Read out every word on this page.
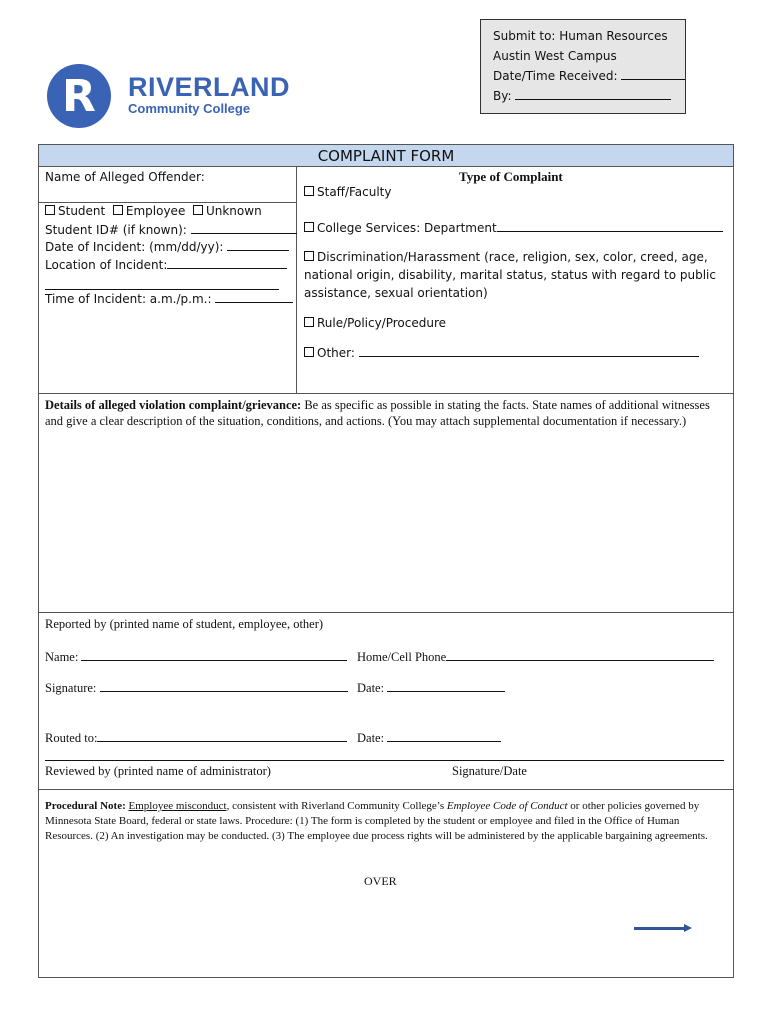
Submit to: Human Resources
Austin West Campus
Date/Time Received:
By:
R	RIVERLAND
Community College
COMPLAINT FORM
Name of Alleged Offender:
Student Employee Unknown
Student ID# (if known):
Date of Incident: (mm/dd/yy):
Location of Incident:
Time of Incident: a.m./p.m.:
Type of Complaint
Staff/Faculty
College Services: Department
Discrimination/Harassment (race, religion, sex, color, creed, age,
national origin, disability, marital status, status with regard to public
assistance, sexual orientation)
Rule/Policy/Procedure
Other:
Details of alleged violation complaint/grievance: Be as specific as possible in stating the facts. State names of additional witnesses and give a clear description of the situation, conditions, and actions. (You may attach supplemental documentation if necessary.)
Reported by (printed name of student, employee, other)
Name:	Home/Cell Phone
Signature:	Date:
Routed to:	Date:
Reviewed by (printed name of administrator)	Signature/Date
Procedural Note: Employee misconduct, consistent with Riverland Community College’s Employee Code of Conduct or other policies governed by Minnesota State Board, federal or state laws. Procedure: (1) The form is completed by the student or employee and filed in the Office of Human Resources. (2) An investigation may be conducted. (3) The employee due process rights will be administered by the applicable bargaining agreements.
OVER
